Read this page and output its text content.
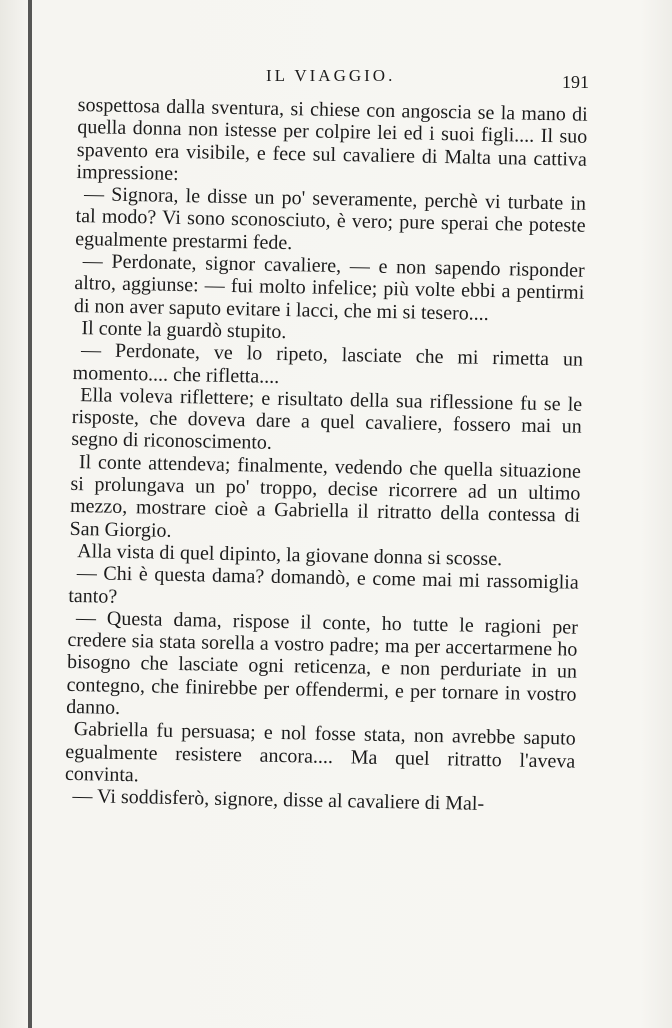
IL VIAGGIO.	191

sospettosa dalla sventura, si chiese con angoscia se la mano di quella donna non istesse per colpire lei ed i suoi figli.... Il suo spavento era visibile, e fece sul cavaliere di Malta una cattiva impressione:

— Signora, le disse un po' severamente, perchè vi turbate in tal modo? Vi sono sconosciuto, è vero; pure sperai che poteste egualmente prestarmi fede.

— Perdonate, signor cavaliere, — e non sapendo risponder altro, aggiunse: — fui molto infelice; più volte ebbi a pentirmi di non aver saputo evitare i lacci, che mi si tesero....

Il conte la guardò stupito.

— Perdonate, ve lo ripeto, lasciate che mi rimetta un momento.... che rifletta....

Ella voleva riflettere; e risultato della sua riflessione fu se le risposte, che doveva dare a quel cavaliere, fossero mai un segno di riconoscimento.

Il conte attendeva; finalmente, vedendo che quella situazione si prolungava un po' troppo, decise ricorrere ad un ultimo mezzo, mostrare cioè a Gabriella il ritratto della contessa di San Giorgio.

Alla vista di quel dipinto, la giovane donna si scosse.

— Chi è questa dama? domandò, e come mai mi rassomiglia tanto?

— Questa dama, rispose il conte, ho tutte le ragioni per credere sia stata sorella a vostro padre; ma per accertarmene ho bisogno che lasciate ogni reticenza, e non perduriate in un contegno, che finirebbe per offendermi, e per tornare in vostro danno.

Gabriella fu persuasa; e nol fosse stata, non avrebbe saputo egualmente resistere ancora.... Ma quel ritratto l'aveva convinta.

— Vi soddisferò, signore, disse al cavaliere di Mal-
